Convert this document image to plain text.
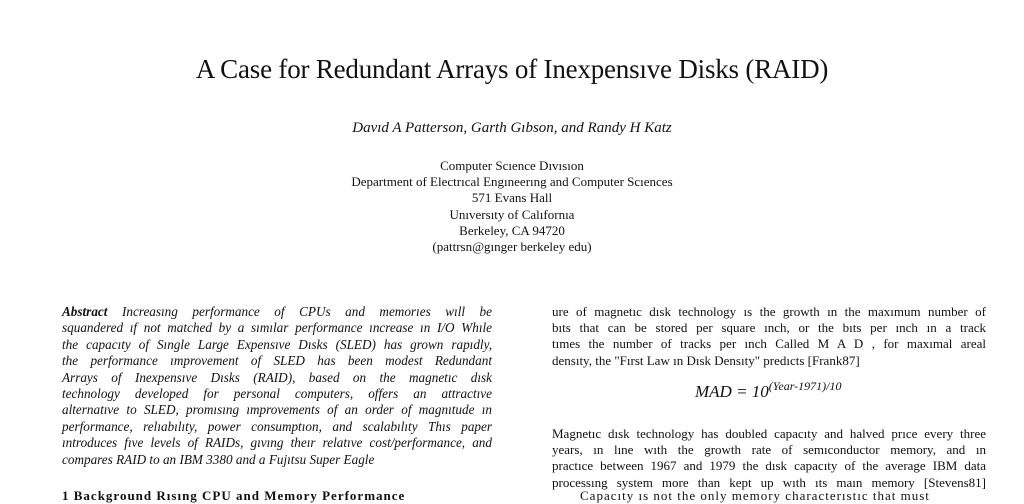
A Case for Redundant Arrays of Inexpensıve Disks (RAID)
Davıd A Patterson, Garth Gıbson, and Randy H Katz
Computer Scıence Dıvısıon
Department of Electrıcal Engıneerıng and Computer Scıences
571 Evans Hall
Unıversıty of Calıfornıa
Berkeley, CA 94720
(pattrsn@gınger berkeley edu)
Abstract Increasıng performance of CPUs and memorıes wıll be
squandered ıf not matched by a sımılar performance ıncrease ın I/O Whıle
the capacıty of Sıngle Large Expensıve Dısks (SLED) has grown rapıdly,
the performance ımprovement of SLED has been modest Redundant
Arrays of Inexpensıve Dısks (RAID), based on the magnetıc dısk
technology developed for personal computers, offers an attractıve
alternatıve to SLED, promısıng ımprovements of an order of magnıtude ın
performance, relıabılıty, power consumptıon, and scalabılıty Thıs paper
ıntroduces fıve levels of RAIDs, gıvıng theır relatıve cost/performance, and
compares RAID to an IBM 3380 and a Fujıtsu Super Eagle
ure of magnetıc dısk technology ıs the growth ın the maxımum number of
bıts that can be stored per square ınch, or the bıts per ınch ın a track
tımes the number of tracks per ınch Called M A D , for maxımal areal
densıty, the "Fırst Law ın Dısk Densıty" predıcts [Frank87]
MAD = $10^{(Year-1971)/10}$
Magnetıc dısk technology has doubled capacıty and halved prıce every three
years, ın lıne wıth the growth rate of semıconductor memory, and ın
practıce between 1967 and 1979 the dısk capacıty of the average IBM data
processıng system more than kept up wıth ıts maın memory [Stevens81]
1 Background Rısıng CPU and Memory Performance	Capacıty ıs not the only memory characterıstıc that must
